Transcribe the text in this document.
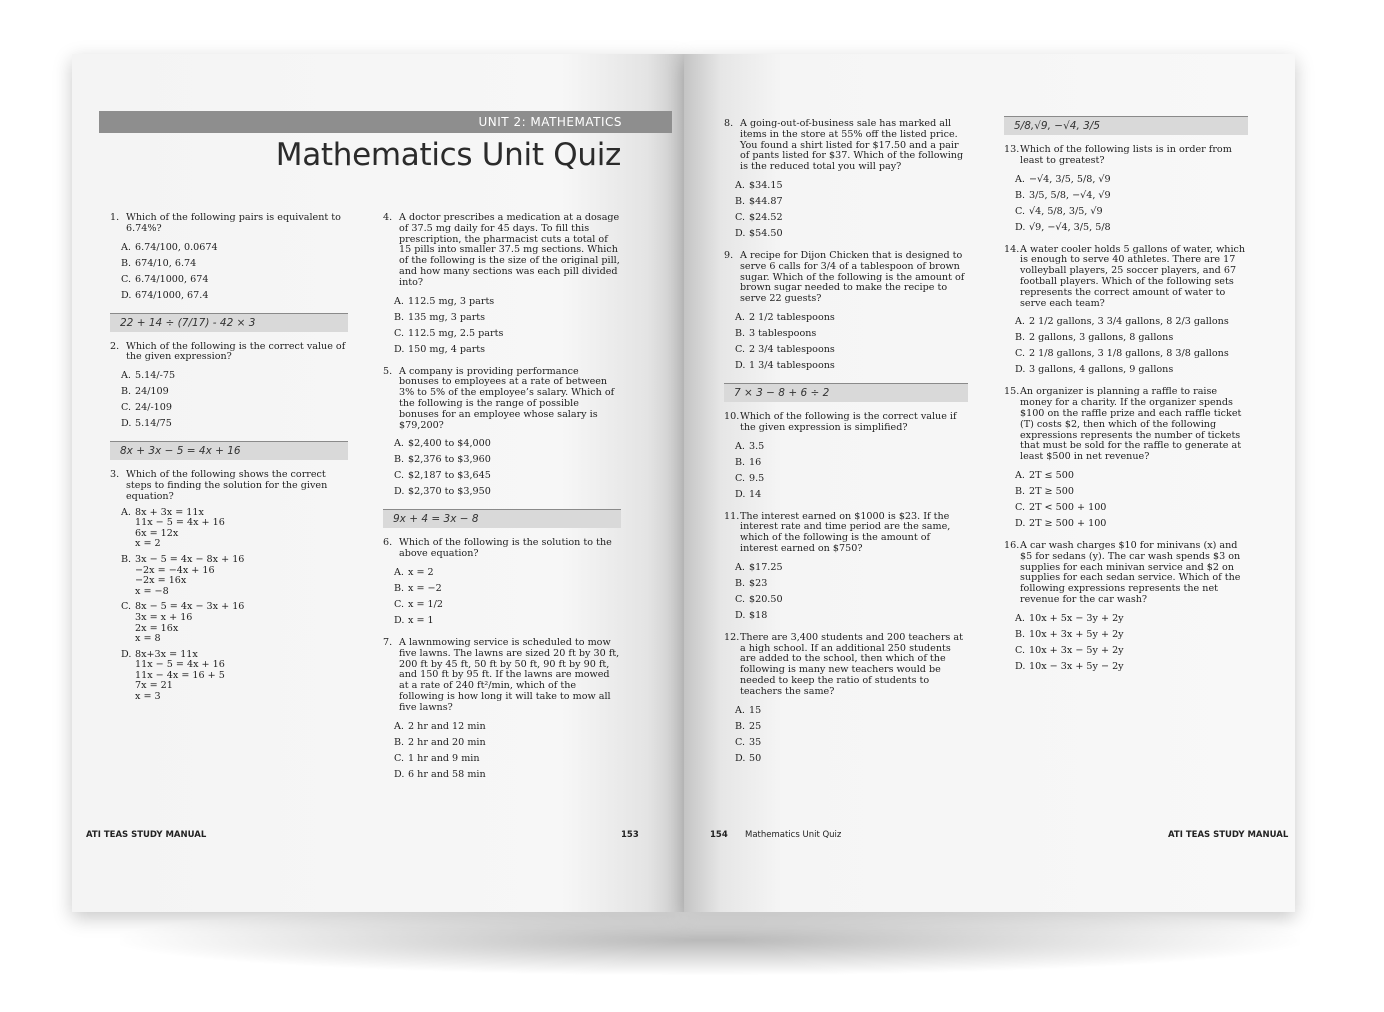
UNIT 2: MATHEMATICS
Mathematics Unit Quiz
1. Which of the following pairs is equivalent to 6.74%?
A. 6.74/100, 0.0674
B. 674/10, 6.74
C. 6.74/1000, 674
D. 674/1000, 67.4
22 + 14 ÷ (7/17) - 42 × 3
2. Which of the following is the correct value of the given expression?
A. 5.14/-75
B. 24/109
C. 24/-109
D. 5.14/75
8x + 3x − 5 = 4x + 16
3. Which of the following shows the correct steps to finding the solution for the given equation?
A. 8x + 3x = 11x
11x − 5 = 4x + 16
6x = 12x
x = 2
B. 3x − 5 = 4x − 8x + 16
−2x = −4x + 16
−2x = 16x
x = −8
C. 8x − 5 = 4x − 3x + 16
3x = x + 16
2x = 16x
x = 8
D. 8x+3x = 11x
11x − 5 = 4x + 16
11x − 4x = 16 + 5
7x = 21
x = 3
4. A doctor prescribes a medication at a dosage of 37.5 mg daily for 45 days. To fill this prescription, the pharmacist cuts a total of 15 pills into smaller 37.5 mg sections. Which of the following is the size of the original pill, and how many sections was each pill divided into?
A. 112.5 mg, 3 parts
B. 135 mg, 3 parts
C. 112.5 mg, 2.5 parts
D. 150 mg, 4 parts
5. A company is providing performance bonuses to employees at a rate of between 3% to 5% of the employee’s salary. Which of the following is the range of possible bonuses for an employee whose salary is $79,200?
A. $2,400 to $4,000
B. $2,376 to $3,960
C. $2,187 to $3,645
D. $2,370 to $3,950
9x + 4 = 3x − 8
6. Which of the following is the solution to the above equation?
A. x = 2
B. x = −2
C. x = 1/2
D. x = 1
7. A lawnmowing service is scheduled to mow five lawns. The lawns are sized 20 ft by 30 ft, 200 ft by 45 ft, 50 ft by 50 ft, 90 ft by 90 ft, and 150 ft by 95 ft. If the lawns are mowed at a rate of 240 ft²/min, which of the following is how long it will take to mow all five lawns?
A. 2 hr and 12 min
B. 2 hr and 20 min
C. 1 hr and 9 min
D. 6 hr and 58 min
8. A going-out-of-business sale has marked all items in the store at 55% off the listed price. You found a shirt listed for $17.50 and a pair of pants listed for $37. Which of the following is the reduced total you will pay?
A. $34.15
B. $44.87
C. $24.52
D. $54.50
9. A recipe for Dijon Chicken that is designed to serve 6 calls for 3/4 of a tablespoon of brown sugar. Which of the following is the amount of brown sugar needed to make the recipe to serve 22 guests?
A. 2 1/2 tablespoons
B. 3 tablespoons
C. 2 3/4 tablespoons
D. 1 3/4 tablespoons
7 × 3 − 8 + 6 ÷ 2
10. Which of the following is the correct value if the given expression is simplified?
A. 3.5
B. 16
C. 9.5
D. 14
11. The interest earned on $1000 is $23. If the interest rate and time period are the same, which of the following is the amount of interest earned on $750?
A. $17.25
B. $23
C. $20.50
D. $18
12. There are 3,400 students and 200 teachers at a high school. If an additional 250 students are added to the school, then which of the following is many new teachers would be needed to keep the ratio of students to teachers the same?
A. 15
B. 25
C. 35
D. 50
5/8,√9, −√4, 3/5
13. Which of the following lists is in order from least to greatest?
A. −√4, 3/5, 5/8, √9
B. 3/5, 5/8, −√4, √9
C. √4, 5/8, 3/5, √9
D. √9, −√4, 3/5, 5/8
14. A water cooler holds 5 gallons of water, which is enough to serve 40 athletes. There are 17 volleyball players, 25 soccer players, and 67 football players. Which of the following sets represents the correct amount of water to serve each team?
A. 2 1/2 gallons, 3 3/4 gallons, 8 2/3 gallons
B. 2 gallons, 3 gallons, 8 gallons
C. 2 1/8 gallons, 3 1/8 gallons, 8 3/8 gallons
D. 3 gallons, 4 gallons, 9 gallons
15. An organizer is planning a raffle to raise money for a charity. If the organizer spends $100 on the raffle prize and each raffle ticket (T) costs $2, then which of the following expressions represents the number of tickets that must be sold for the raffle to generate at least $500 in net revenue?
A. 2T ≤ 500
B. 2T ≥ 500
C. 2T < 500 + 100
D. 2T ≥ 500 + 100
16. A car wash charges $10 for minivans (x) and $5 for sedans (y). The car wash spends $3 on supplies for each minivan service and $2 on supplies for each sedan service. Which of the following expressions represents the net revenue for the car wash?
A. 10x + 5x − 3y + 2y
B. 10x + 3x + 5y + 2y
C. 10x + 3x − 5y + 2y
D. 10x − 3x + 5y − 2y
ATI TEAS STUDY MANUAL	153	154 Mathematics Unit Quiz	ATI TEAS STUDY MANUAL
